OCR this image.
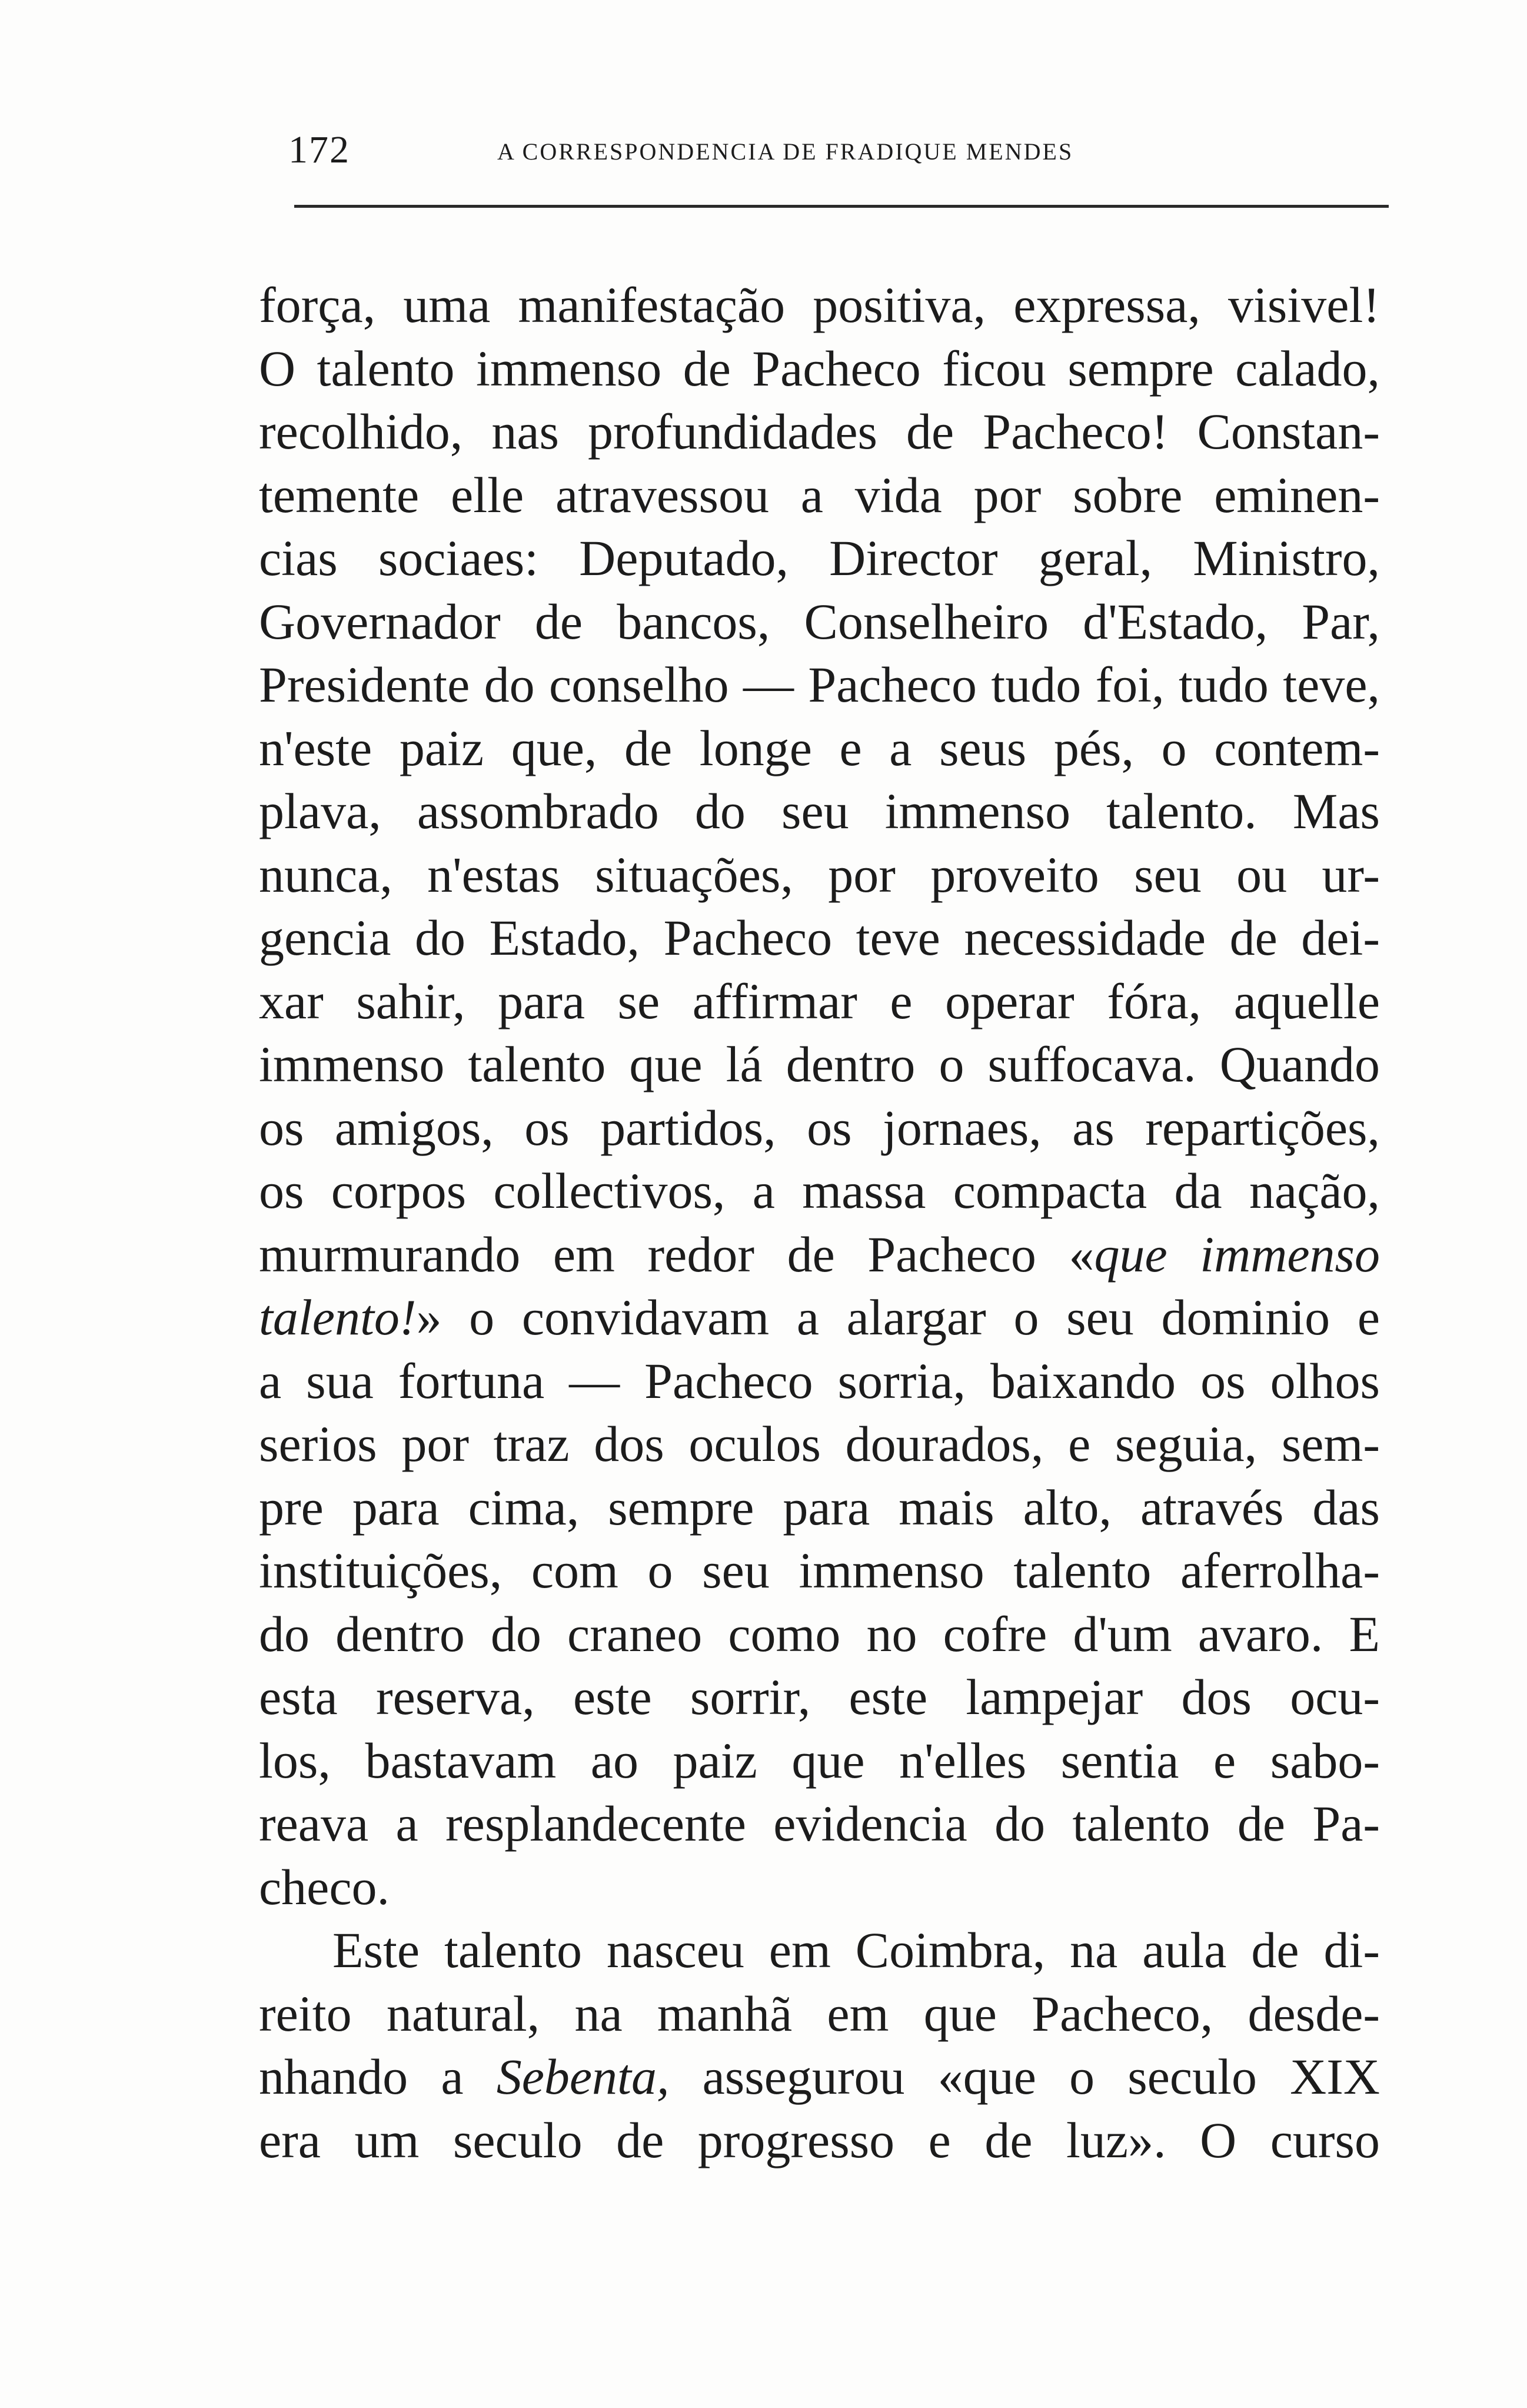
172	A CORRESPONDENCIA DE FRADIQUE MENDES
força, uma manifestação positiva, expressa, visivel!
O talento immenso de Pacheco ficou sempre calado,
recolhido, nas profundidades de Pacheco! Constan-
temente elle atravessou a vida por sobre eminen-
cias sociaes: Deputado, Director geral, Ministro,
Governador de bancos, Conselheiro d'Estado, Par,
Presidente do conselho — Pacheco tudo foi, tudo teve,
n'este paiz que, de longe e a seus pés, o contem-
plava, assombrado do seu immenso talento. Mas
nunca, n'estas situações, por proveito seu ou ur-
gencia do Estado, Pacheco teve necessidade de dei-
xar sahir, para se affirmar e operar fóra, aquelle
immenso talento que lá dentro o suffocava. Quando
os amigos, os partidos, os jornaes, as repartições,
os corpos collectivos, a massa compacta da nação,
murmurando em redor de Pacheco «que immenso
talento!» o convidavam a alargar o seu dominio e
a sua fortuna — Pacheco sorria, baixando os olhos
serios por traz dos oculos dourados, e seguia, sem-
pre para cima, sempre para mais alto, através das
instituições, com o seu immenso talento aferrolha-
do dentro do craneo como no cofre d'um avaro. E
esta reserva, este sorrir, este lampejar dos ocu-
los, bastavam ao paiz que n'elles sentia e sabo-
reava a resplandecente evidencia do talento de Pa-
checo.
Este talento nasceu em Coimbra, na aula de di-
reito natural, na manhã em que Pacheco, desde-
nhando a Sebenta, assegurou «que o seculo XIX
era um seculo de progresso e de luz». O curso
